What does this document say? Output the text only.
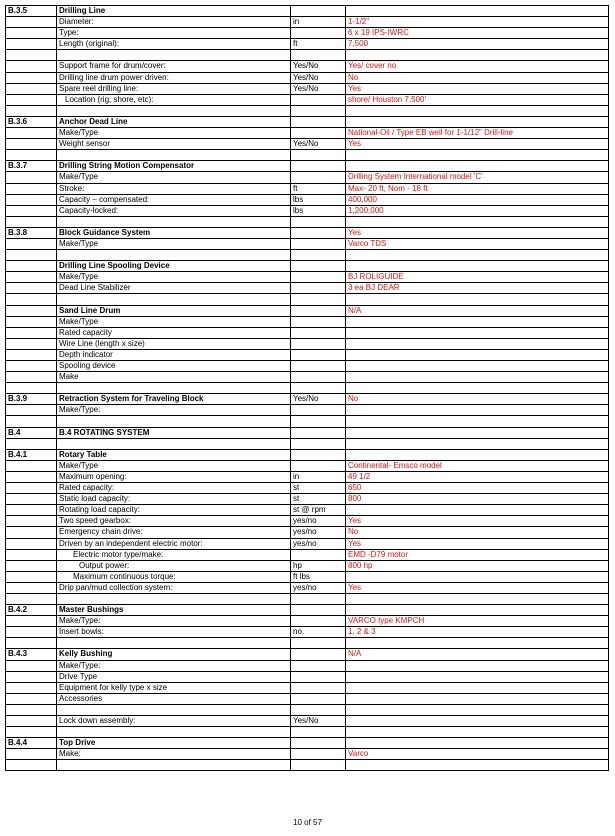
B.3.5	Drilling Line		
	Diameter:	in	1-1/2"
	Type:		6 x 19 IPS-IWRC
	Length (original):	ft	7,500

	Support frame for drum/cover:	Yes/No	Yes/ cover no
	Drilling line drum power driven:	Yes/No	No
	Spare reel drilling line:	Yes/No	Yes
	Location (rig, shore, etc):		shore/ Houston 7,500'

B.3.6	Anchor Dead Line		
	Make/Type		National-Oil / Type EB well for 1-1/12" Drill-line
	Weight sensor	Yes/No	Yes

B.3.7	Drilling String Motion Compensator		
	Make/Type		Drilling System International model 'C'
	Stroke:	ft	Max- 20 ft, Nom - 18 ft
	Capacity – compensated:	lbs	400,000
	Capacity-locked:	lbs	1,200,000

B.3.8	Block Guidance System		Yes
	Make/Type		Varco TDS

	Drilling Line Spooling Device		
	Make/Type		BJ ROLIGUIDE
	Dead Line Stabilizer		3 ea BJ DEAR

	Sand Line Drum		N/A
	Make/Type		
	Rated capacity		
	Wire Line (length x size)		
	Depth indicator		
	Spooling device		
	Make		

B.3.9	Retraction System for Traveling Block	Yes/No	No
	Make/Type:		

B.4	B.4 ROTATING SYSTEM		

B.4.1	Rotary Table		
	Make/Type		Continental- Emsco model
	Maximum opening:	in	49 1/2
	Rated capacity:	st	650
	Static load capacity:	st	800
	Rotating load capacity:	st @ rpm	
	Two speed gearbox:	yes/no	Yes
	Emergency chain drive:	yes/no	No
	Driven by an independent electric motor:	yes/no	Yes
	Electric motor type/make:		EMD -D79 motor
	Output power:	hp	800 hp
	Maximum continuous torque:	ft lbs	
	Drip pan/mud collection system:	yes/no	Yes

B.4.2	Master Bushings		
	Make/Type:		VARCO type KMPCH
	Insert bowls:	no.	1, 2 & 3

B.4.3	Kelly Bushing		N/A
	Make/Type:		
	Drive Type		
	Equipment for kelly type x size		
	Accessories		

	Lock down assembly:	Yes/No	

B.4.4	Top Drive		
	Make:		Varco

10 of 57
